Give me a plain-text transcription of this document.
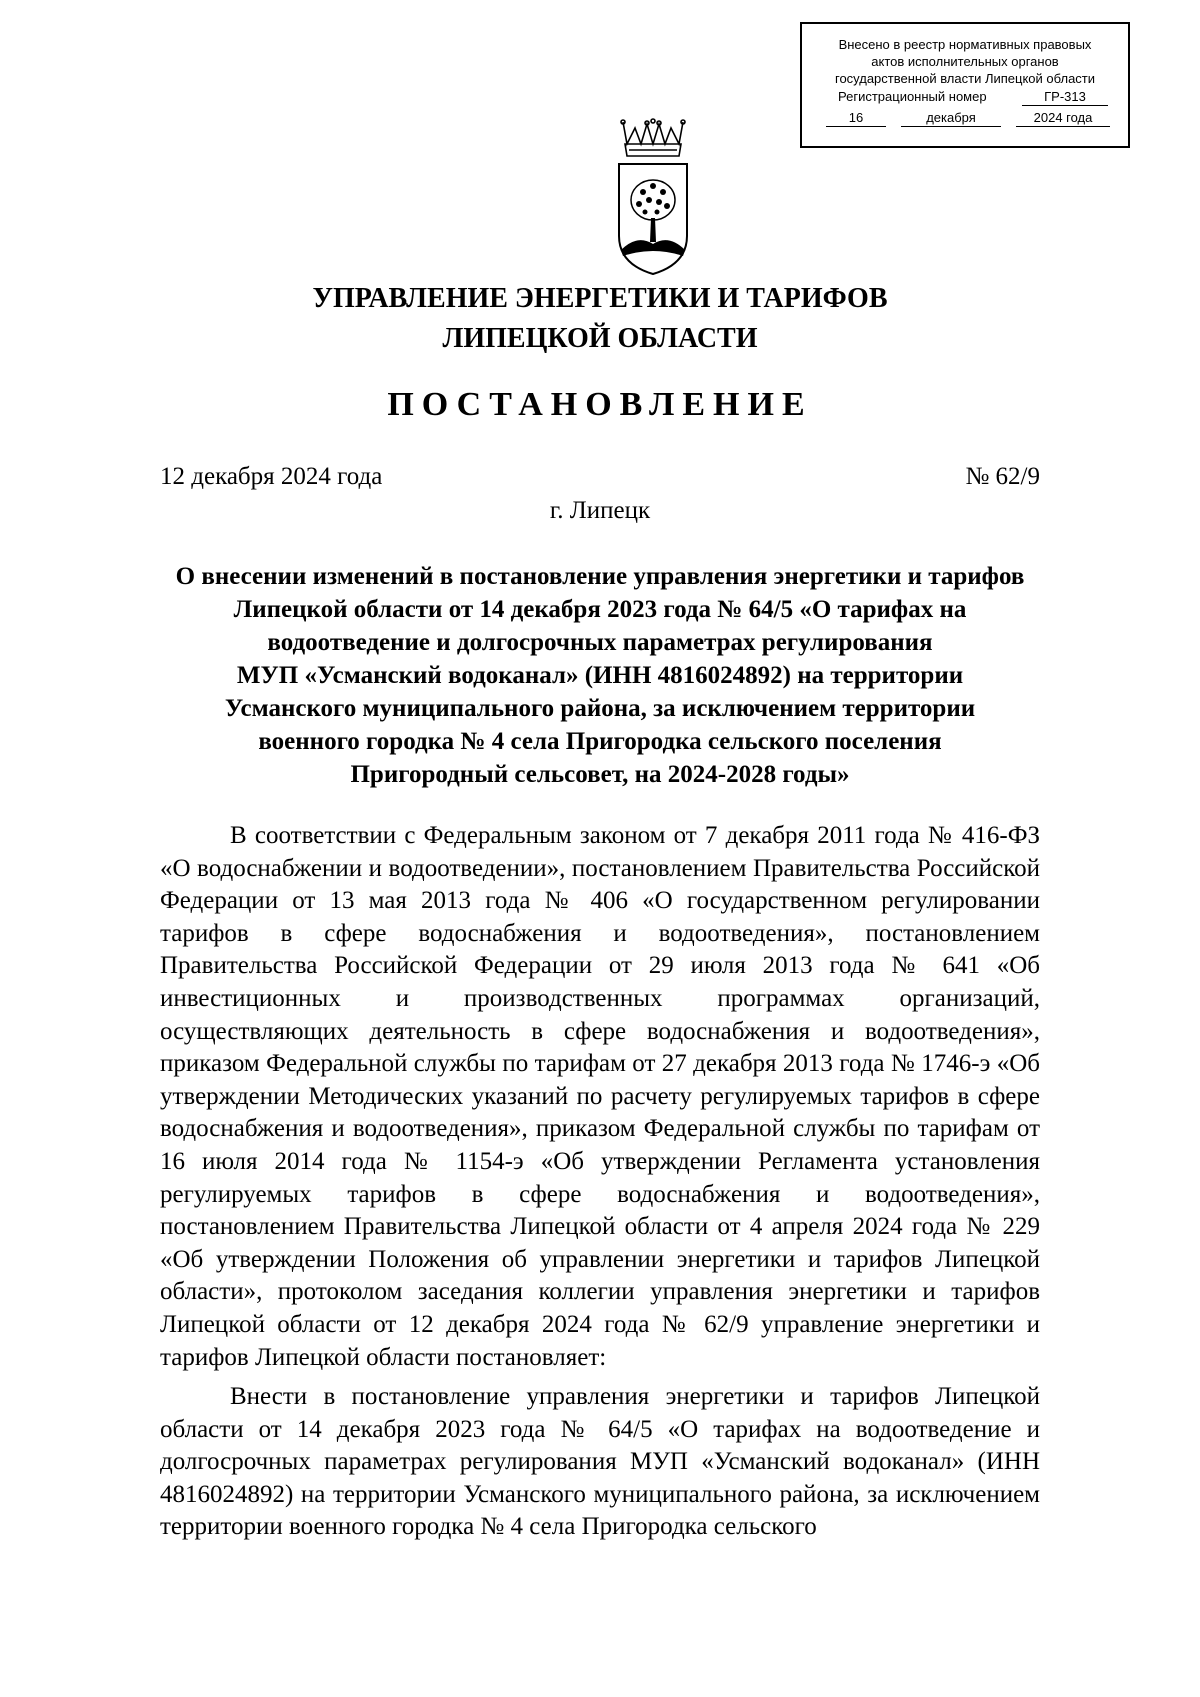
Внесено в реестр нормативных правовых
актов исполнительных органов
государственной власти Липецкой области
Регистрационный номер	ГР-313
16	декабря	2024 года
УПРАВЛЕНИЕ ЭНЕРГЕТИКИ И ТАРИФОВ
ЛИПЕЦКОЙ ОБЛАСТИ
ПОСТАНОВЛЕНИЕ
12 декабря 2024 года	№ 62/9
г. Липецк
О внесении изменений в постановление управления энергетики и тарифов
Липецкой области от 14 декабря 2023 года № 64/5 «О тарифах на
водоотведение и долгосрочных параметрах регулирования
МУП «Усманский водоканал» (ИНН 4816024892) на территории
Усманского муниципального района, за исключением территории
военного городка № 4 села Пригородка сельского поселения
Пригородный сельсовет, на 2024-2028 годы»

В соответствии с Федеральным законом от 7 декабря 2011 года № 416-ФЗ «О водоснабжении и водоотведении», постановлением Правительства Российской Федерации от 13 мая 2013 года № 406 «О государственном регулировании тарифов в сфере водоснабжения и водоотведения», постановлением Правительства Российской Федерации от 29 июля 2013 года № 641 «Об инвестиционных и производственных программах организаций, осуществляющих деятельность в сфере водоснабжения и водоотведения», приказом Федеральной службы по тарифам от 27 декабря 2013 года № 1746-э «Об утверждении Методических указаний по расчету регулируемых тарифов в сфере водоснабжения и водоотведения», приказом Федеральной службы по тарифам от 16 июля 2014 года № 1154-э «Об утверждении Регламента установления регулируемых тарифов в сфере водоснабжения и водоотведения», постановлением Правительства Липецкой области от 4 апреля 2024 года № 229 «Об утверждении Положения об управлении энергетики и тарифов Липецкой области», протоколом заседания коллегии управления энергетики и тарифов Липецкой области от 12 декабря 2024 года № 62/9 управление энергетики и тарифов Липецкой области постановляет:

Внести в постановление управления энергетики и тарифов Липецкой области от 14 декабря 2023 года № 64/5 «О тарифах на водоотведение и долгосрочных параметрах регулирования МУП «Усманский водоканал» (ИНН 4816024892) на территории Усманского муниципального района, за исключением территории военного городка № 4 села Пригородка сельского
